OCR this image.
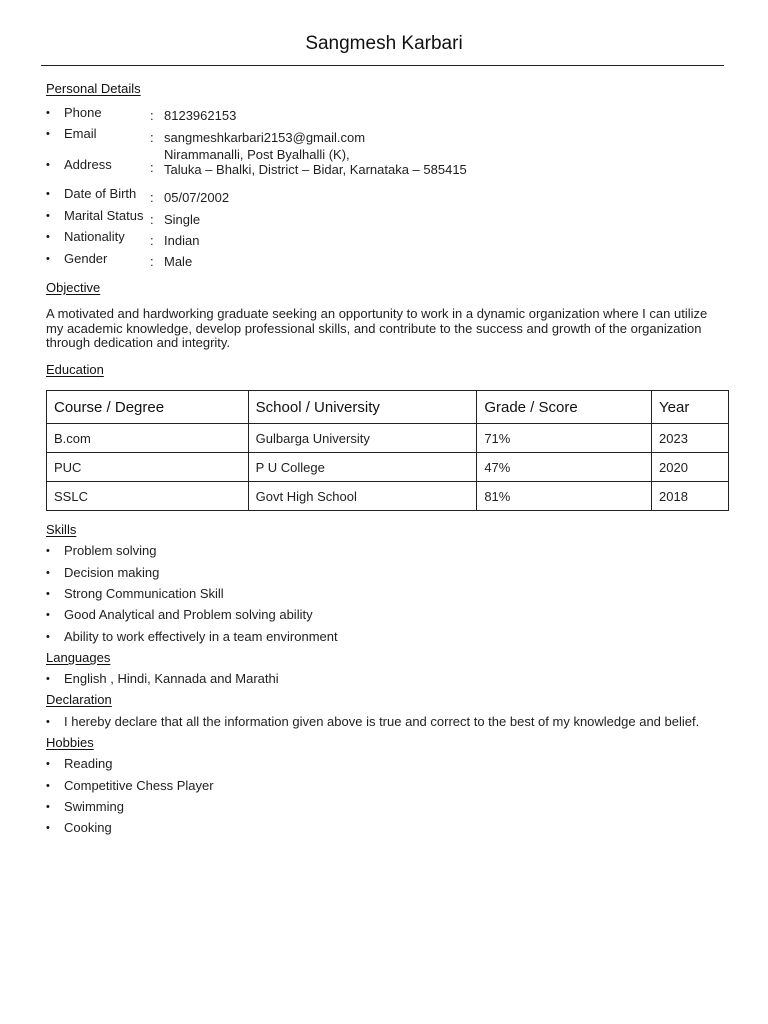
Sangmesh Karbari
Personal Details
• Phone	: 8123962153
• Email	: sangmeshkarbari2153@gmail.com
• Address	:
Nirammanalli, Post Byalhalli (K),
Taluka – Bhalki, District – Bidar, Karnataka – 585415
• Date of Birth : 05/07/2002
• Marital Status : Single
• Nationality : Indian
• Gender	: Male
Objective
A motivated and hardworking graduate seeking an opportunity to work in a dynamic organization where I can utilize my academic knowledge, develop professional skills, and contribute to the success and growth of the organization through dedication and integrity.
Education
Course / Degree	School / University	Grade / Score	Year
B.com	Gulbarga University	71%	2023
PUC	P U College	47%	2020
SSLC	Govt High School	81%	2018
Skills
• Problem solving
• Decision making
• Strong Communication Skill
• Good Analytical and Problem solving ability
• Ability to work effectively in a team environment
Languages
• English , Hindi, Kannada and Marathi
Declaration
• I hereby declare that all the information given above is true and correct to the best of my knowledge and belief.
Hobbies
• Reading
• Competitive Chess Player
• Swimming
• Cooking
